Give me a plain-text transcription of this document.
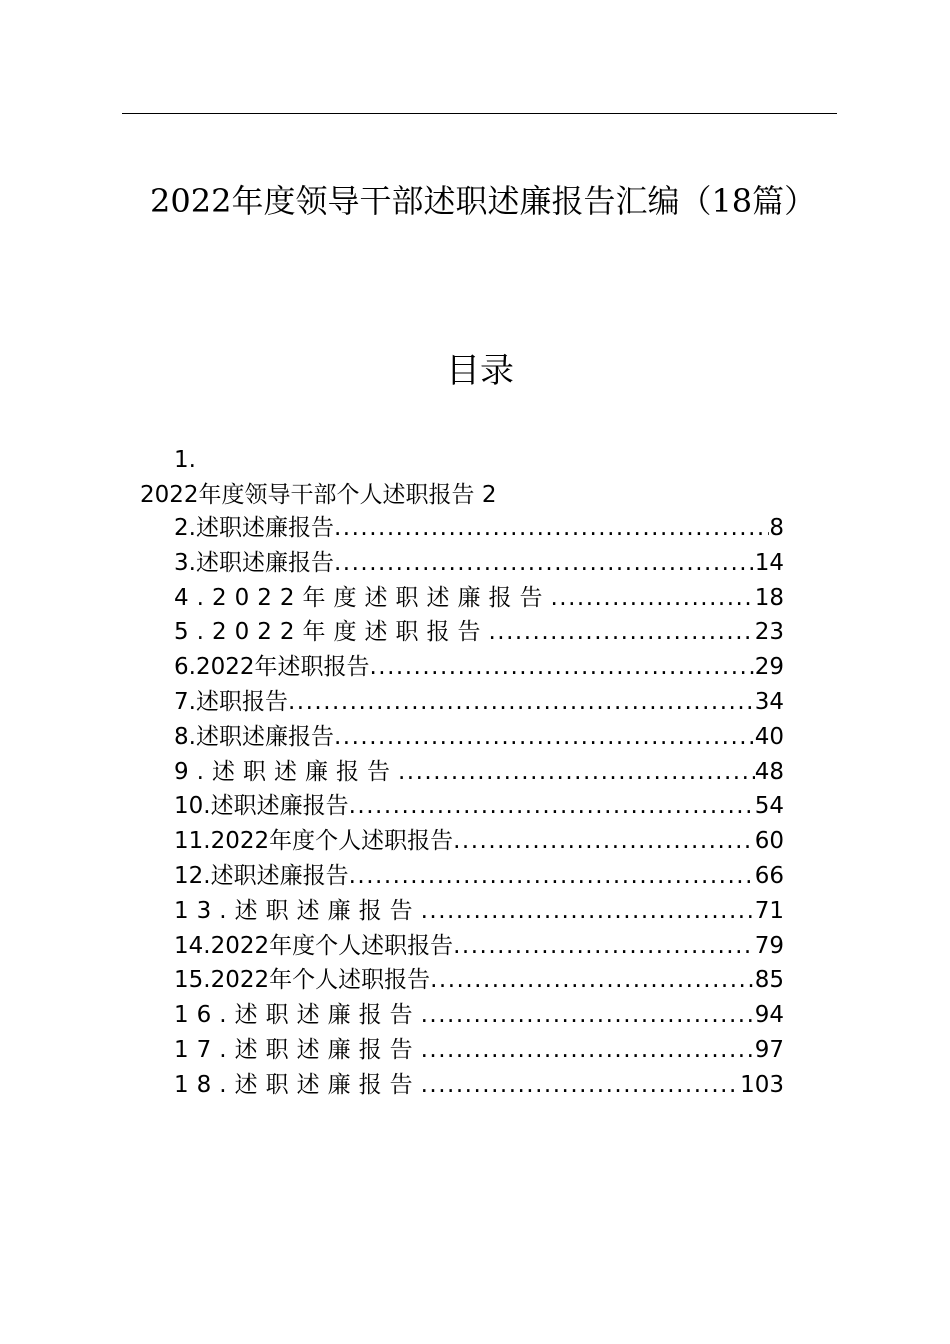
2022年度领导干部述职述廉报告汇编（18篇）
目录
1.
2022年度领导干部个人述职报告 2
2.述职述廉报告 .....	8
3.述职述廉报告 .....	14
4.2022年度述职述廉报告 .....	18
5.2022年度述职报告 .....	23
6.2022年述职报告 .....	29
7.述职报告 .....	34
8.述职述廉报告 .....	40
9.述职述廉报告 .....	48
10.述职述廉报告 .....	54
11.2022年度个人述职报告 .....	60
12.述职述廉报告 .....	66
13.述职述廉报告 .....	71
14.2022年度个人述职报告 .....	79
15.2022年个人述职报告 .....	85
16.述职述廉报告 .....	94
17.述职述廉报告 .....	97
18.述职述廉报告 .....	103
